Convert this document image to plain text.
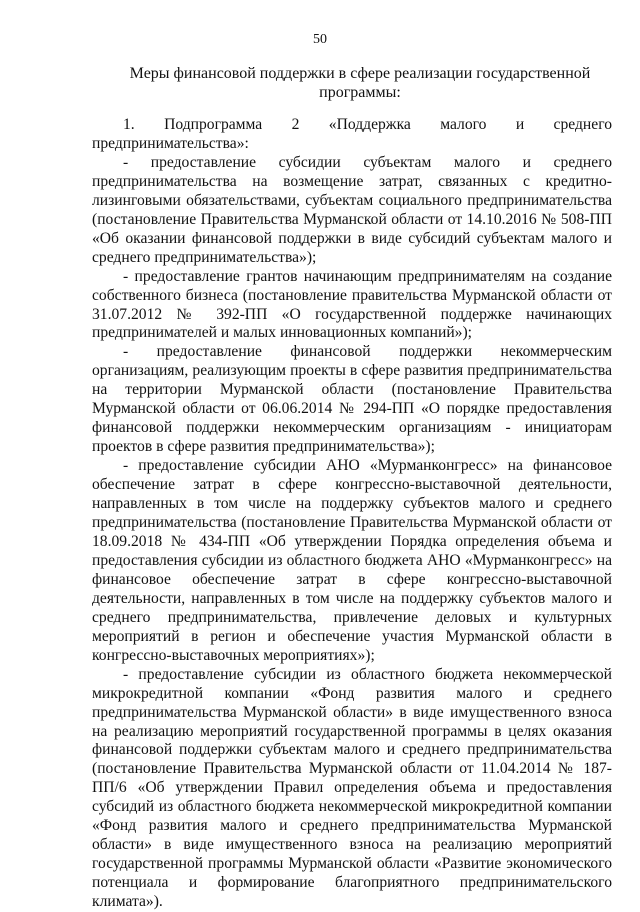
50
Меры финансовой поддержки в сфере реализации государственной программы:

1. Подпрограмма 2 «Поддержка малого и среднего предпринимательства»:

- предоставление субсидии субъектам малого и среднего предпринимательства на возмещение затрат, связанных с кредитно-лизинговыми обязательствами, субъектам социального предпринимательства (постановление Правительства Мурманской области от 14.10.2016 № 508-ПП «Об оказании финансовой поддержки в виде субсидий субъектам малого и среднего предпринимательства»);

- предоставление грантов начинающим предпринимателям на создание собственного бизнеса (постановление правительства Мурманской области от 31.07.2012 № 392-ПП «О государственной поддержке начинающих предпринимателей и малых инновационных компаний»);

- предоставление финансовой поддержки некоммерческим организациям, реализующим проекты в сфере развития предпринимательства на территории Мурманской области (постановление Правительства Мурманской области от 06.06.2014 № 294-ПП «О порядке предоставления финансовой поддержки некоммерческим организациям - инициаторам проектов в сфере развития предпринимательства»);

- предоставление субсидии АНО «Мурманконгресс» на финансовое обеспечение затрат в сфере конгрессно-выставочной деятельности, направленных в том числе на поддержку субъектов малого и среднего предпринимательства (постановление Правительства Мурманской области от 18.09.2018 № 434-ПП «Об утверждении Порядка определения объема и предоставления субсидии из областного бюджета АНО «Мурманконгресс» на финансовое обеспечение затрат в сфере конгрессно-выставочной деятельности, направленных в том числе на поддержку субъектов малого и среднего предпринимательства, привлечение деловых и культурных мероприятий в регион и обеспечение участия Мурманской области в конгрессно-выставочных мероприятиях»);

- предоставление субсидии из областного бюджета некоммерческой микрокредитной компании «Фонд развития малого и среднего предпринимательства Мурманской области» в виде имущественного взноса на реализацию мероприятий государственной программы в целях оказания финансовой поддержки субъектам малого и среднего предпринимательства (постановление Правительства Мурманской области от 11.04.2014 № 187-ПП/6 «Об утверждении Правил определения объема и предоставления субсидий из областного бюджета некоммерческой микрокредитной компании «Фонд развития малого и среднего предпринимательства Мурманской области» в виде имущественного взноса на реализацию мероприятий государственной программы Мурманской области «Развитие экономического потенциала и формирование благоприятного предпринимательского климата»).
